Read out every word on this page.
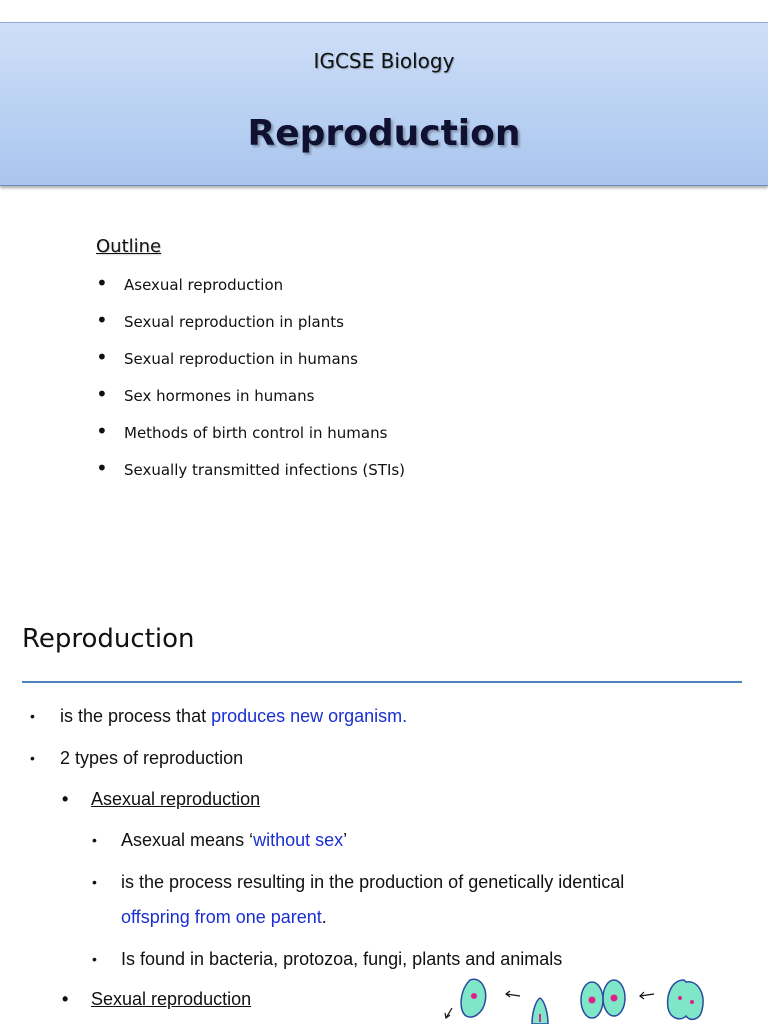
IGCSE Biology
Reproduction
Outline
• Asexual reproduction
• Sexual reproduction in plants
• Sexual reproduction in humans
• Sex hormones in humans
• Methods of birth control in humans
• Sexually transmitted infections (STIs)
Reproduction
• is the process that produces new organism.
• 2 types of reproduction
• Asexual reproduction
• Asexual means ‘without sex’
• is the process resulting in the production of genetically identical
offspring from one parent.
• Is found in bacteria, protozoa, fungi, plants and animals
• Sexual reproduction
